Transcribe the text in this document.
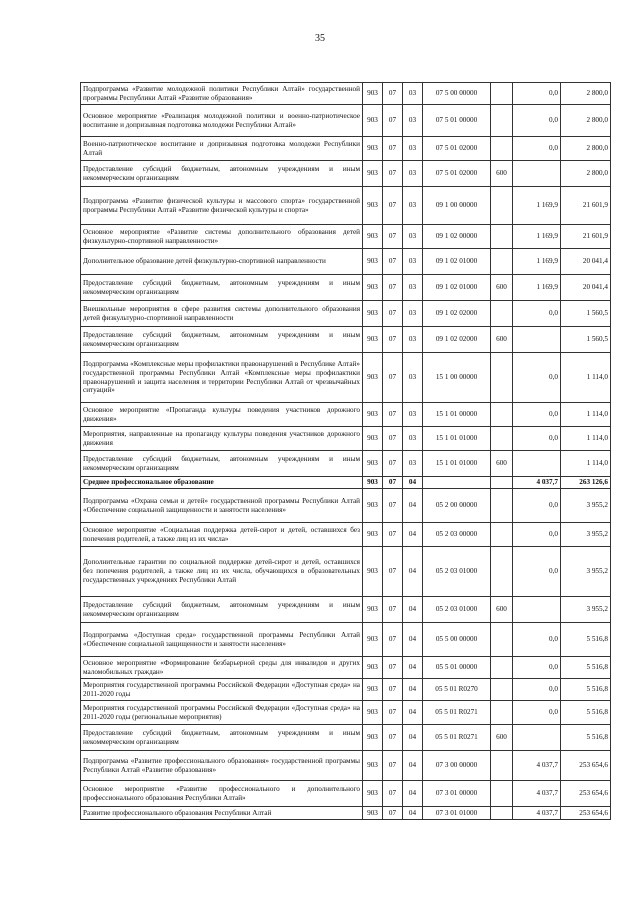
35
Подпрограмма «Развитие молодежной политики Республики Алтай» государственной программы Республики Алтай «Развитие образования»	903	07	03	07 5 00 00000		0,0	2 800,0
Основное мероприятие «Реализация молодежной политики и военно-патриотическое воспитание и допризывная подготовка молодежи Республики Алтай»	903	07	03	07 5 01 00000		0,0	2 800,0
Военно-патриотическое воспитание и допризывная подготовка молодежи Республики Алтай	903	07	03	07 5 01 02000		0,0	2 800,0
Предоставление субсидий бюджетным, автономным учреждениям и иным некоммерческим организациям	903	07	03	07 5 01 02000	600		2 800,0
Подпрограмма «Развитие физической культуры и массового спорта» государственной программы Республики Алтай «Развитие физической культуры и спорта»	903	07	03	09 1 00 00000		1 169,9	21 601,9
Основное мероприятие «Развитие системы дополнительного образования детей физкультурно-спортивной направленности»	903	07	03	09 1 02 00000		1 169,9	21 601,9
Дополнительное образование детей физкультурно-спортивной направленности	903	07	03	09 1 02 01000		1 169,9	20 041,4
Предоставление субсидий бюджетным, автономным учреждениям и иным некоммерческим организациям	903	07	03	09 1 02 01000	600	1 169,9	20 041,4
Внешкольные мероприятия в сфере развития системы дополнительного образования детей физкультурно-спортивной направленности	903	07	03	09 1 02 02000		0,0	1 560,5
Предоставление субсидий бюджетным, автономным учреждениям и иным некоммерческим организациям	903	07	03	09 1 02 02000	600		1 560,5
Подпрограмма «Комплексные меры профилактики правонарушений в Республике Алтай» государственной программы Республики Алтай «Комплексные меры профилактики правонарушений и защита населения и территории Республики Алтай от чрезвычайных ситуаций»	903	07	03	15 1 00 00000		0,0	1 114,0
Основное мероприятие «Пропаганда культуры поведения участников дорожного движения»	903	07	03	15 1 01 00000		0,0	1 114,0
Мероприятия, направленные на пропаганду культуры поведения участников дорожного движения	903	07	03	15 1 01 01000		0,0	1 114,0
Предоставление субсидий бюджетным, автономным учреждениям и иным некоммерческим организациям	903	07	03	15 1 01 01000	600		1 114,0
Среднее профессиональное образование	903	07	04			4 037,7	263 126,6
Подпрограмма «Охрана семьи и детей» государственной программы Республики Алтай «Обеспечение социальной защищенности и занятости населения»	903	07	04	05 2 00 00000		0,0	3 955,2
Основное мероприятие «Социальная поддержка детей-сирот и детей, оставшихся без попечения родителей, а также лиц из их числа»	903	07	04	05 2 03 00000		0,0	3 955,2
Дополнительные гарантии по социальной поддержке детей-сирот и детей, оставшихся без попечения родителей, а также лиц из их числа, обучающихся в образовательных государственных учреждениях Республики Алтай	903	07	04	05 2 03 01000		0,0	3 955,2
Предоставление субсидий бюджетным, автономным учреждениям и иным некоммерческим организациям	903	07	04	05 2 03 01000	600		3 955,2
Подпрограмма «Доступная среда» государственной программы Республики Алтай «Обеспечение социальной защищенности и занятости населения»	903	07	04	05 5 00 00000		0,0	5 516,8
Основное мероприятие «Формирование безбарьерной среды для инвалидов и других маломобильных граждан»	903	07	04	05 5 01 00000		0,0	5 516,8
Мероприятия государственной программы Российской Федерации «Доступная среда» на 2011-2020 годы	903	07	04	05 5 01 R0270		0,0	5 516,8
Мероприятия государственной программы Российской Федерации «Доступная среда» на 2011-2020 годы (региональные мероприятия)	903	07	04	05 5 01 R0271		0,0	5 516,8
Предоставление субсидий бюджетным, автономным учреждениям и иным некоммерческим организациям	903	07	04	05 5 01 R0271	600		5 516,8
Подпрограмма «Развитие профессионального образования» государственной программы Республики Алтай «Развитие образования»	903	07	04	07 3 00 00000		4 037,7	253 654,6
Основное мероприятие «Развитие профессионального и дополнительного профессионального образования Республики Алтай»	903	07	04	07 3 01 00000		4 037,7	253 654,6
Развитие профессионального образования Республики Алтай	903	07	04	07 3 01 01000		4 037,7	253 654,6
